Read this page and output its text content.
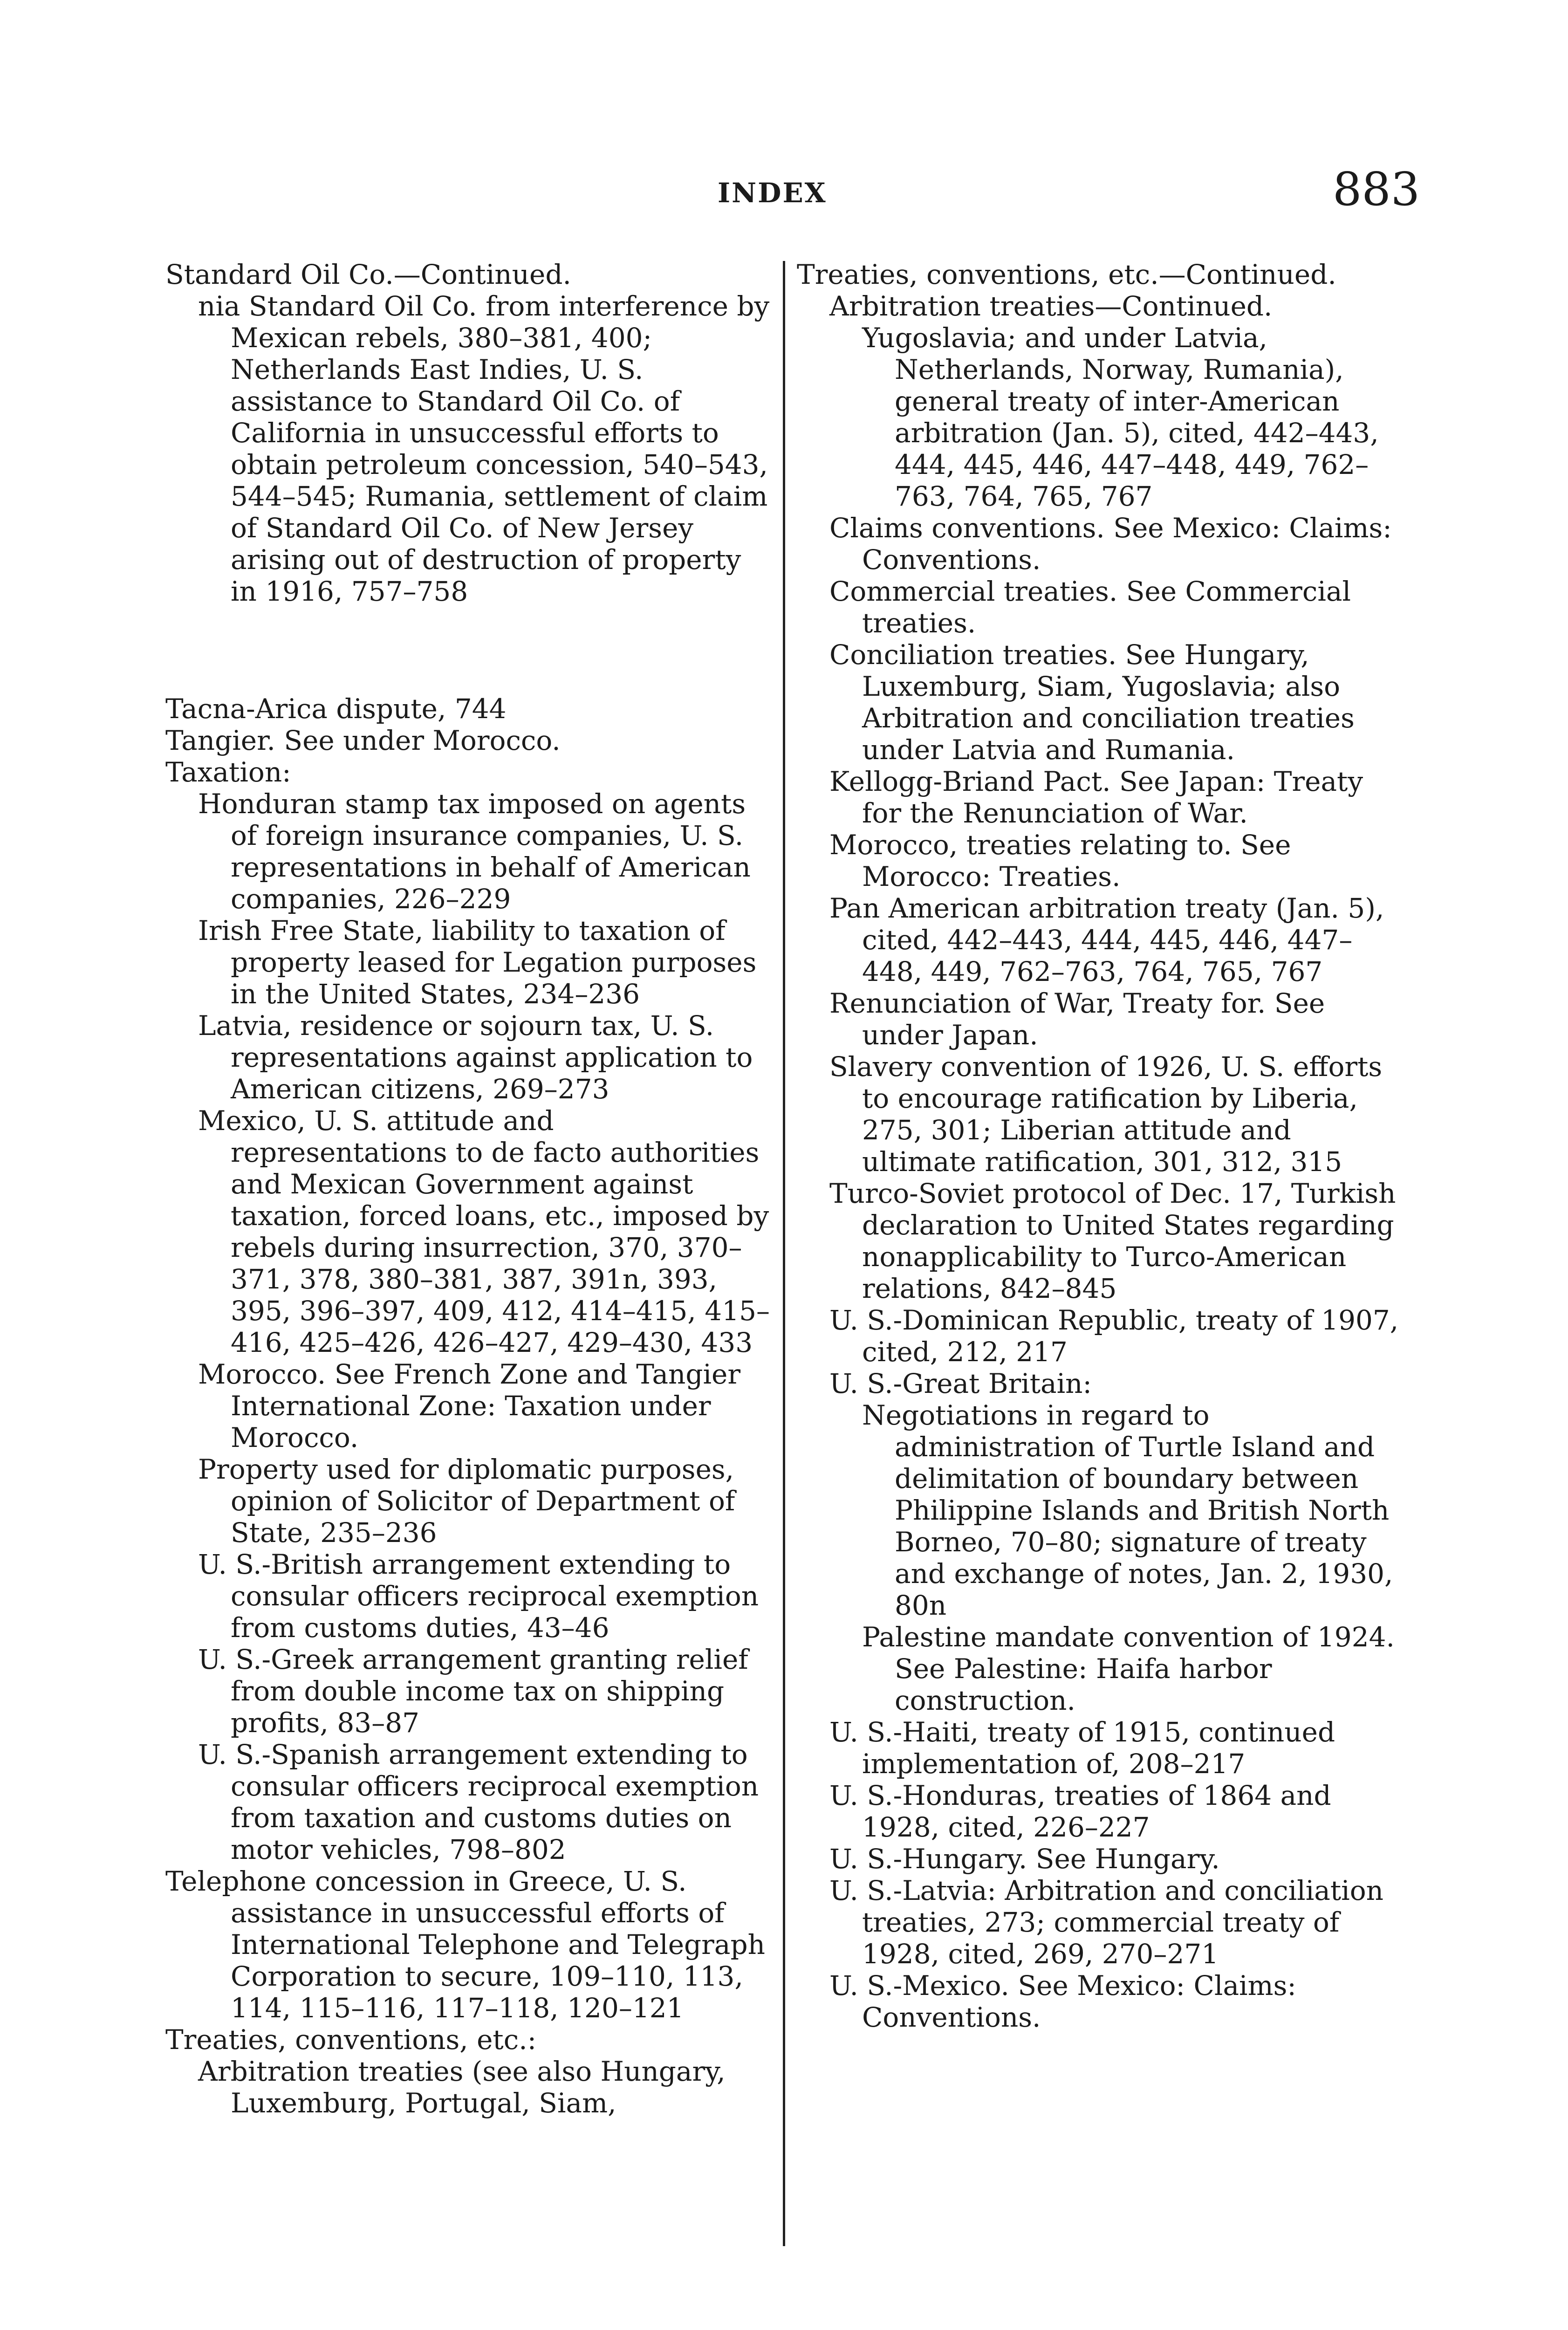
INDEX	883

Standard Oil Co.—Continued.

nia Standard Oil Co. from interference by Mexican rebels, 380–381, 400; Netherlands East Indies, U. S. assistance to Standard Oil Co. of California in unsuccessful efforts to obtain petroleum concession, 540–543, 544–545; Rumania, settlement of claim of Standard Oil Co. of New Jersey arising out of destruction of property in 1916, 757–758

Tacna-Arica dispute, 744

Tangier. See under Morocco.

Taxation:

Honduran stamp tax imposed on agents of foreign insurance companies, U. S. representations in behalf of American companies, 226–229

Irish Free State, liability to taxation of property leased for Legation purposes in the United States, 234–236

Latvia, residence or sojourn tax, U. S. representations against application to American citizens, 269–273

Mexico, U. S. attitude and representations to de facto authorities and Mexican Government against taxation, forced loans, etc., imposed by rebels during insurrection, 370, 370–371, 378, 380–381, 387, 391n, 393, 395, 396–397, 409, 412, 414–415, 415–416, 425–426, 426–427, 429–430, 433

Morocco. See French Zone and Tangier International Zone: Taxation under Morocco.

Property used for diplomatic purposes, opinion of Solicitor of Department of State, 235–236

U. S.-British arrangement extending to consular officers reciprocal exemption from customs duties, 43–46

U. S.-Greek arrangement granting relief from double income tax on shipping profits, 83–87

U. S.-Spanish arrangement extending to consular officers reciprocal exemption from taxation and customs duties on motor vehicles, 798–802

Telephone concession in Greece, U. S. assistance in unsuccessful efforts of International Telephone and Telegraph Corporation to secure, 109–110, 113, 114, 115–116, 117–118, 120–121

Treaties, conventions, etc.:

Arbitration treaties (see also Hungary, Luxemburg, Portugal, Siam,

Treaties, conventions, etc.—Continued.

Arbitration treaties—Continued.

Yugoslavia; and under Latvia, Netherlands, Norway, Rumania), general treaty of inter-American arbitration (Jan. 5), cited, 442–443, 444, 445, 446, 447–448, 449, 762–763, 764, 765, 767

Claims conventions. See Mexico: Claims: Conventions.

Commercial treaties. See Commercial treaties.

Conciliation treaties. See Hungary, Luxemburg, Siam, Yugoslavia; also Arbitration and conciliation treaties under Latvia and Rumania.

Kellogg-Briand Pact. See Japan: Treaty for the Renunciation of War.

Morocco, treaties relating to. See Morocco: Treaties.

Pan American arbitration treaty (Jan. 5), cited, 442–443, 444, 445, 446, 447–448, 449, 762–763, 764, 765, 767

Renunciation of War, Treaty for. See under Japan.

Slavery convention of 1926, U. S. efforts to encourage ratification by Liberia, 275, 301; Liberian attitude and ultimate ratification, 301, 312, 315

Turco-Soviet protocol of Dec. 17, Turkish declaration to United States regarding nonapplicability to Turco-American relations, 842–845

U. S.-Dominican Republic, treaty of 1907, cited, 212, 217

U. S.-Great Britain:

Negotiations in regard to administration of Turtle Island and delimitation of boundary between Philippine Islands and British North Borneo, 70–80; signature of treaty and exchange of notes, Jan. 2, 1930, 80n

Palestine mandate convention of 1924. See Palestine: Haifa harbor construction.

U. S.-Haiti, treaty of 1915, continued implementation of, 208–217

U. S.-Honduras, treaties of 1864 and 1928, cited, 226–227

U. S.-Hungary. See Hungary.

U. S.-Latvia: Arbitration and conciliation treaties, 273; commercial treaty of 1928, cited, 269, 270–271

U. S.-Mexico. See Mexico: Claims: Conventions.
